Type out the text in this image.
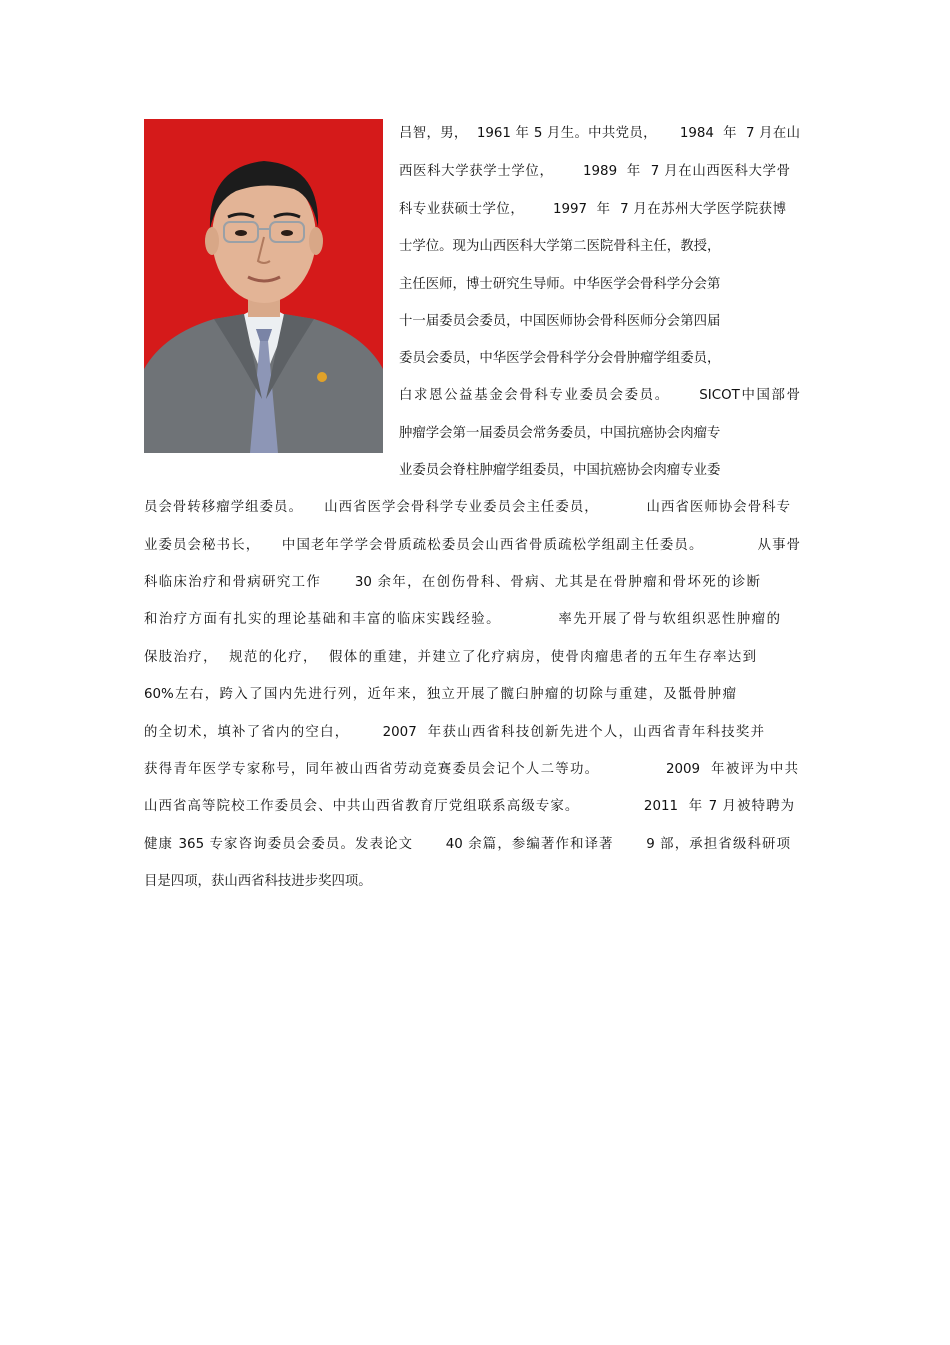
吕智，男，  1961 年 5 月生。中共党员，     1984  年  7 月在山
西医科大学获学士学位，      1989  年  7 月在山西医科大学骨
科专业获硕士学位，      1997  年  7 月在苏州大学医学院获博
士学位。现为山西医科大学第二医院骨科主任，教授，
主任医师，博士研究生导师。中华医学会骨科学分会第
十一届委员会委员，中国医师协会骨科医师分会第四届
委员会委员，中华医学会骨科学分会骨肿瘤学组委员，
白求恩公益基金会骨科专业委员会委员。     SICOT中国部骨
肿瘤学会第一届委员会常务委员，中国抗癌协会肉瘤专
业委员会脊柱肿瘤学组委员，中国抗癌协会肉瘤专业委
员会骨转移瘤学组委员。    山西省医学会骨科学专业委员会主任委员，         山西省医师协会骨科专
业委员会秘书长，    中国老年学学会骨质疏松委员会山西省骨质疏松学组副主任委员。          从事骨
科临床治疗和骨病研究工作      30 余年，在创伤骨科、骨病、尤其是在骨肿瘤和骨坏死的诊断
和治疗方面有扎实的理论基础和丰富的临床实践经验。          率先开展了骨与软组织恶性肿瘤的
保肢治疗，  规范的化疗，  假体的重建，并建立了化疗病房，使骨肉瘤患者的五年生存率达到
60%左右，跨入了国内先进行列，近年来，独立开展了髋臼肿瘤的切除与重建，及骶骨肿瘤
的全切术，填补了省内的空白，      2007  年获山西省科技创新先进个人，山西省青年科技奖并
获得青年医学专家称号，同年被山西省劳动竞赛委员会记个人二等功。            2009  年被评为中共
山西省高等院校工作委员会、中共山西省教育厅党组联系高级专家。            2011  年 7 月被特聘为
健康 365 专家咨询委员会委员。发表论文      40 余篇，参编著作和译著      9 部，承担省级科研项
目是四项，获山西省科技进步奖四项。
